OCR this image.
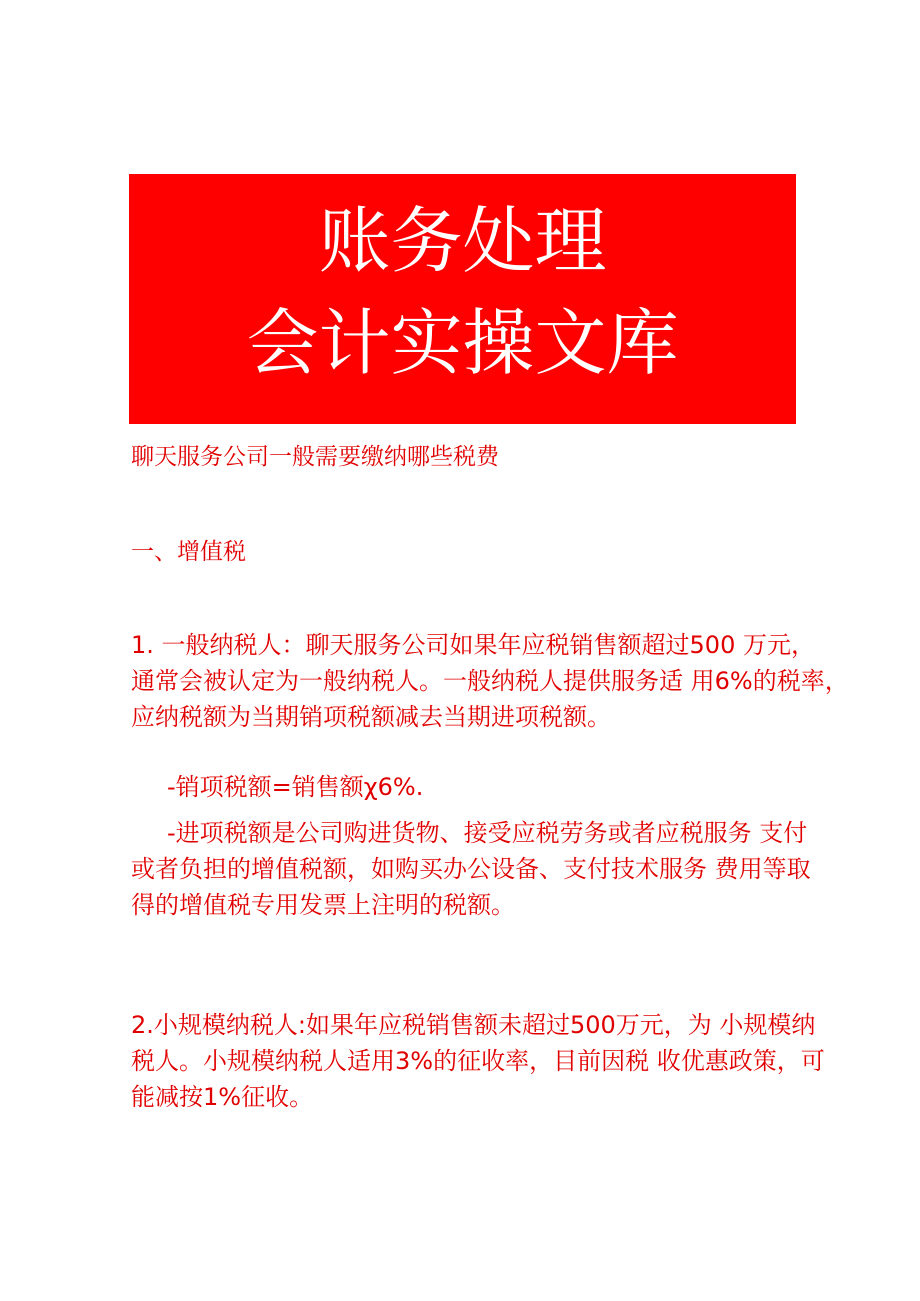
账务处理
会计实操文库
聊天服务公司一般需要缴纳哪些税费
一、增值税
1. 一般纳税人：聊天服务公司如果年应税销售额超过500 万元，
通常会被认定为一般纳税人。一般纳税人提供服务适 用6%的税率，
应纳税额为当期销项税额减去当期进项税额。
-销项税额=销售额χ6%.
-进项税额是公司购进货物、接受应税劳务或者应税服务 支付
或者负担的增值税额，如购买办公设备、支付技术服务 费用等取
得的增值税专用发票上注明的税额。
2.小规模纳税人:如果年应税销售额未超过500万元，为 小规模纳
税人。小规模纳税人适用3%的征收率，目前因税 收优惠政策，可
能减按1%征收。
